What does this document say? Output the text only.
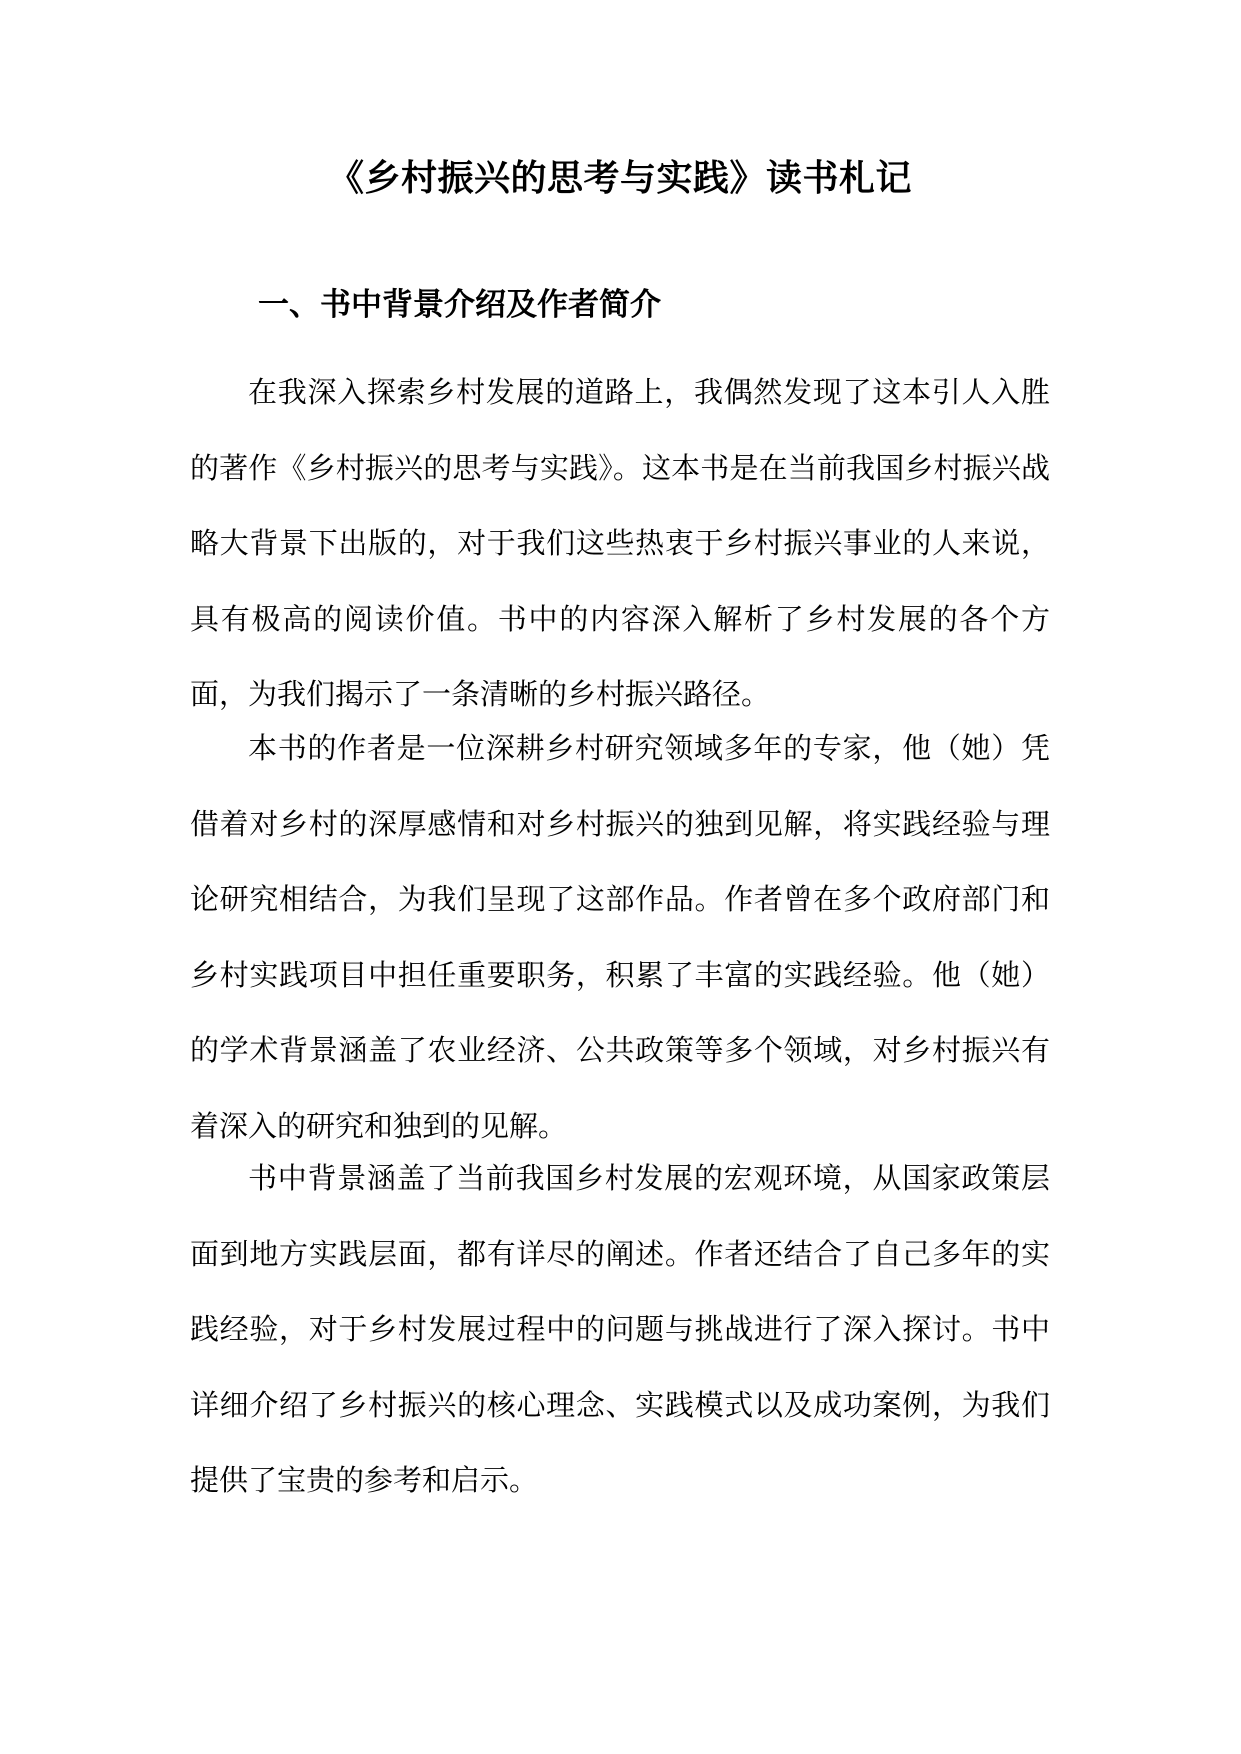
《乡村振兴的思考与实践》读书札记
一、书中背景介绍及作者简介

在我深入探索乡村发展的道路上，我偶然发现了这本引人入胜的著作《乡村振兴的思考与实践》。这本书是在当前我国乡村振兴战略大背景下出版的，对于我们这些热衷于乡村振兴事业的人来说，具有极高的阅读价值。书中的内容深入解析了乡村发展的各个方面，为我们揭示了一条清晰的乡村振兴路径。

本书的作者是一位深耕乡村研究领域多年的专家，他（她）凭借着对乡村的深厚感情和对乡村振兴的独到见解，将实践经验与理论研究相结合，为我们呈现了这部作品。作者曾在多个政府部门和乡村实践项目中担任重要职务，积累了丰富的实践经验。他（她）的学术背景涵盖了农业经济、公共政策等多个领域，对乡村振兴有着深入的研究和独到的见解。

书中背景涵盖了当前我国乡村发展的宏观环境，从国家政策层面到地方实践层面，都有详尽的阐述。作者还结合了自己多年的实践经验，对于乡村发展过程中的问题与挑战进行了深入探讨。书中详细介绍了乡村振兴的核心理念、实践模式以及成功案例，为我们提供了宝贵的参考和启示。
